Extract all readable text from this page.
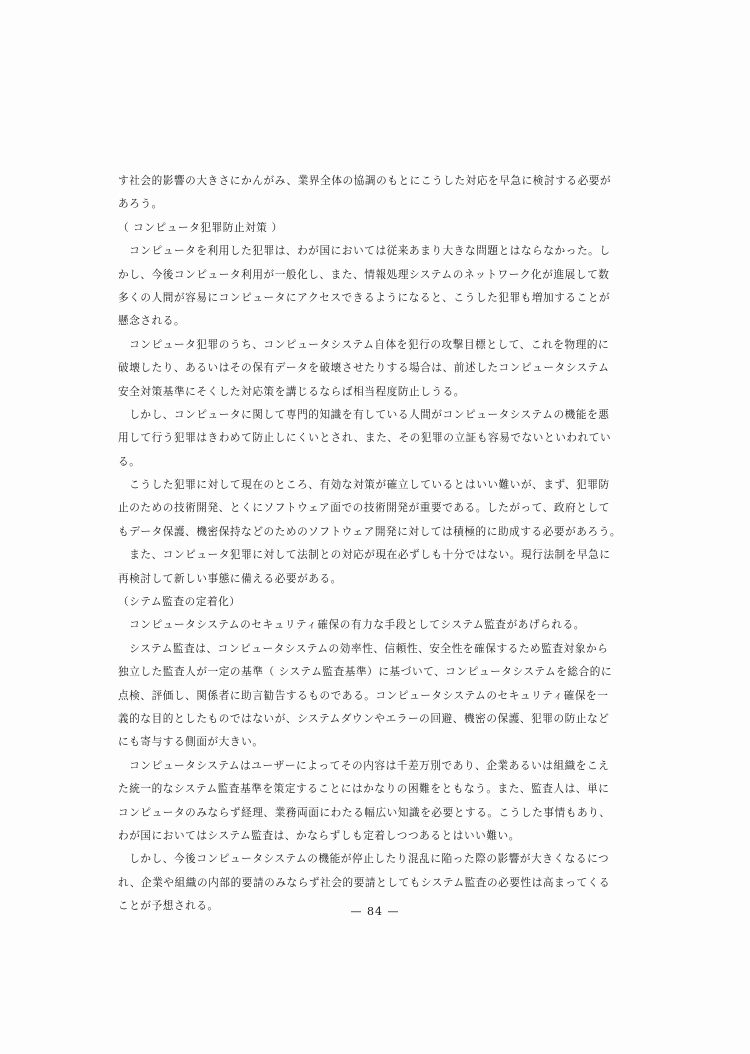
す社会的影響の大きさにかんがみ、業界全体の協調のもとにこうした対応を早急に検討する必要が
あろう。
（ コンピュータ犯罪防止対策 ）
　コンピュータを利用した犯罪は、わが国においては従来あまり大きな問題とはならなかった。し
かし、今後コンピュータ利用が一般化し、また、情報処理システムのネットワーク化が進展して数
多くの人間が容易にコンピュータにアクセスできるようになると、こうした犯罪も増加することが
懸念される。
　コンピュータ犯罪のうち、コンピュータシステム自体を犯行の攻撃目標として、これを物理的に
破壊したり、あるいはその保有データを破壊させたりする場合は、前述したコンピュータシステム
安全対策基準にそくした対応策を講じるならば相当程度防止しうる。
　しかし、コンピュータに関して専門的知識を有している人間がコンピュータシステムの機能を悪
用して行う犯罪はきわめて防止しにくいとされ、また、その犯罪の立証も容易でないといわれてい
る。
　こうした犯罪に対して現在のところ、有効な対策が確立しているとはいい難いが、まず、犯罪防
止のための技術開発、とくにソフトウェア面での技術開発が重要である。したがって、政府として
もデータ保護、機密保持などのためのソフトウェア開発に対しては積極的に助成する必要があろう。
　また、コンピュータ犯罪に対して法制との対応が現在必ずしも十分ではない。現行法制を早急に
再検討して新しい事態に備える必要がある。
（シテム監査の定着化）
　コンピュータシステムのセキュリティ確保の有力な手段としてシステム監査があげられる。
　システム監査は、コンピュータシステムの効率性、信頼性、安全性を確保するため監査対象から
独立した監査人が一定の基準（ システム監査基準）に基づいて、コンピュータシステムを総合的に
点検、評価し、関係者に助言勧告するものである。コンピュータシステムのセキュリティ確保を一
義的な目的としたものではないが、システムダウンやエラーの回避、機密の保護、犯罪の防止など
にも寄与する側面が大きい。
　コンピュータシステムはユーザーによってその内容は千差万別であり、企業あるいは組織をこえ
た統一的なシステム監査基準を策定することにはかなりの困難をともなう。また、監査人は、単に
コンピュータのみならず経理、業務両面にわたる幅広い知識を必要とする。こうした事情もあり、
わが国においてはシステム監査は、かならずしも定着しつつあるとはいい難い。
　しかし、今後コンピュータシステムの機能が停止したり混乱に陥った際の影響が大きくなるにつ
れ、企業や組織の内部的要請のみならず社会的要請としてもシステム監査の必要性は高まってくる
ことが予想される。	— 84 —
